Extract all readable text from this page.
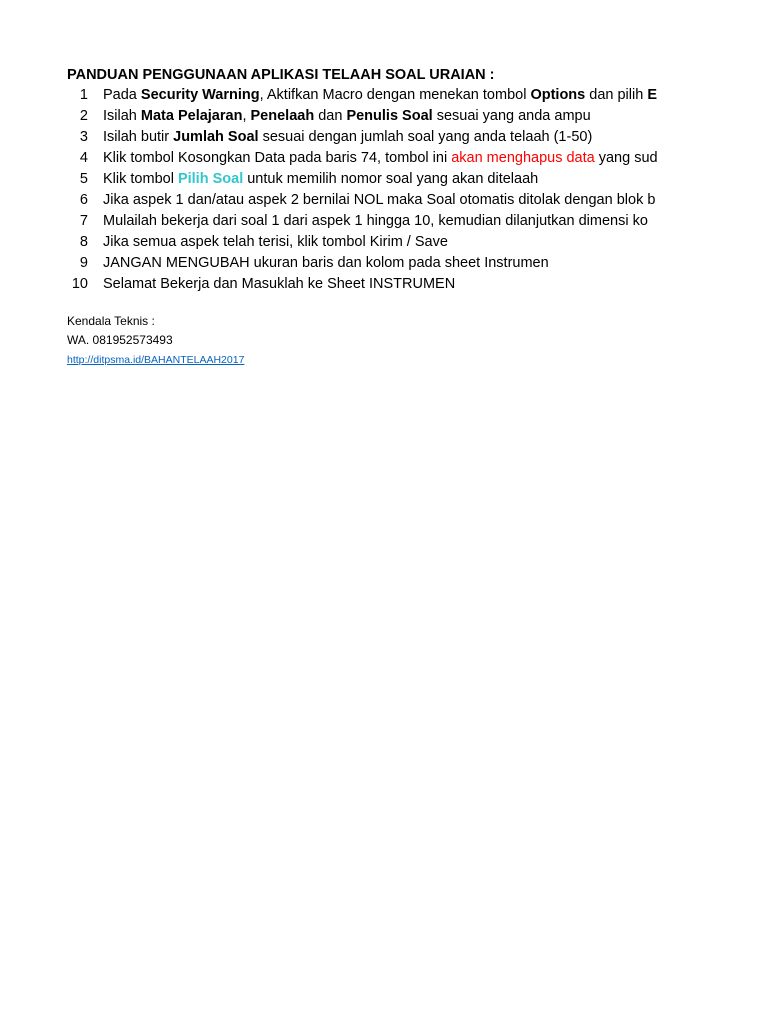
PANDUAN PENGGUNAAN APLIKASI TELAAH SOAL URAIAN :
1 Pada Security Warning, Aktifkan Macro dengan menekan tombol Options dan pilih E
2 Isilah Mata Pelajaran, Penelaah dan Penulis Soal sesuai yang anda ampu
3 Isilah butir Jumlah Soal sesuai dengan jumlah soal yang anda telaah (1-50)
4 Klik tombol Kosongkan Data pada baris 74, tombol ini akan menghapus data yang sud
5 Klik tombol Pilih Soal untuk memilih nomor soal yang akan ditelaah
6 Jika aspek 1 dan/atau aspek 2 bernilai NOL maka Soal otomatis ditolak dengan blok b
7 Mulailah bekerja dari soal 1 dari aspek 1 hingga 10, kemudian dilanjutkan dimensi ko
8 Jika semua aspek telah terisi, klik tombol Kirim / Save
9 JANGAN MENGUBAH ukuran baris dan kolom pada sheet Instrumen
10 Selamat Bekerja dan Masuklah ke Sheet INSTRUMEN
Kendala Teknis :
WA. 081952573493
http://ditpsma.id/BAHANTELAAH2017
